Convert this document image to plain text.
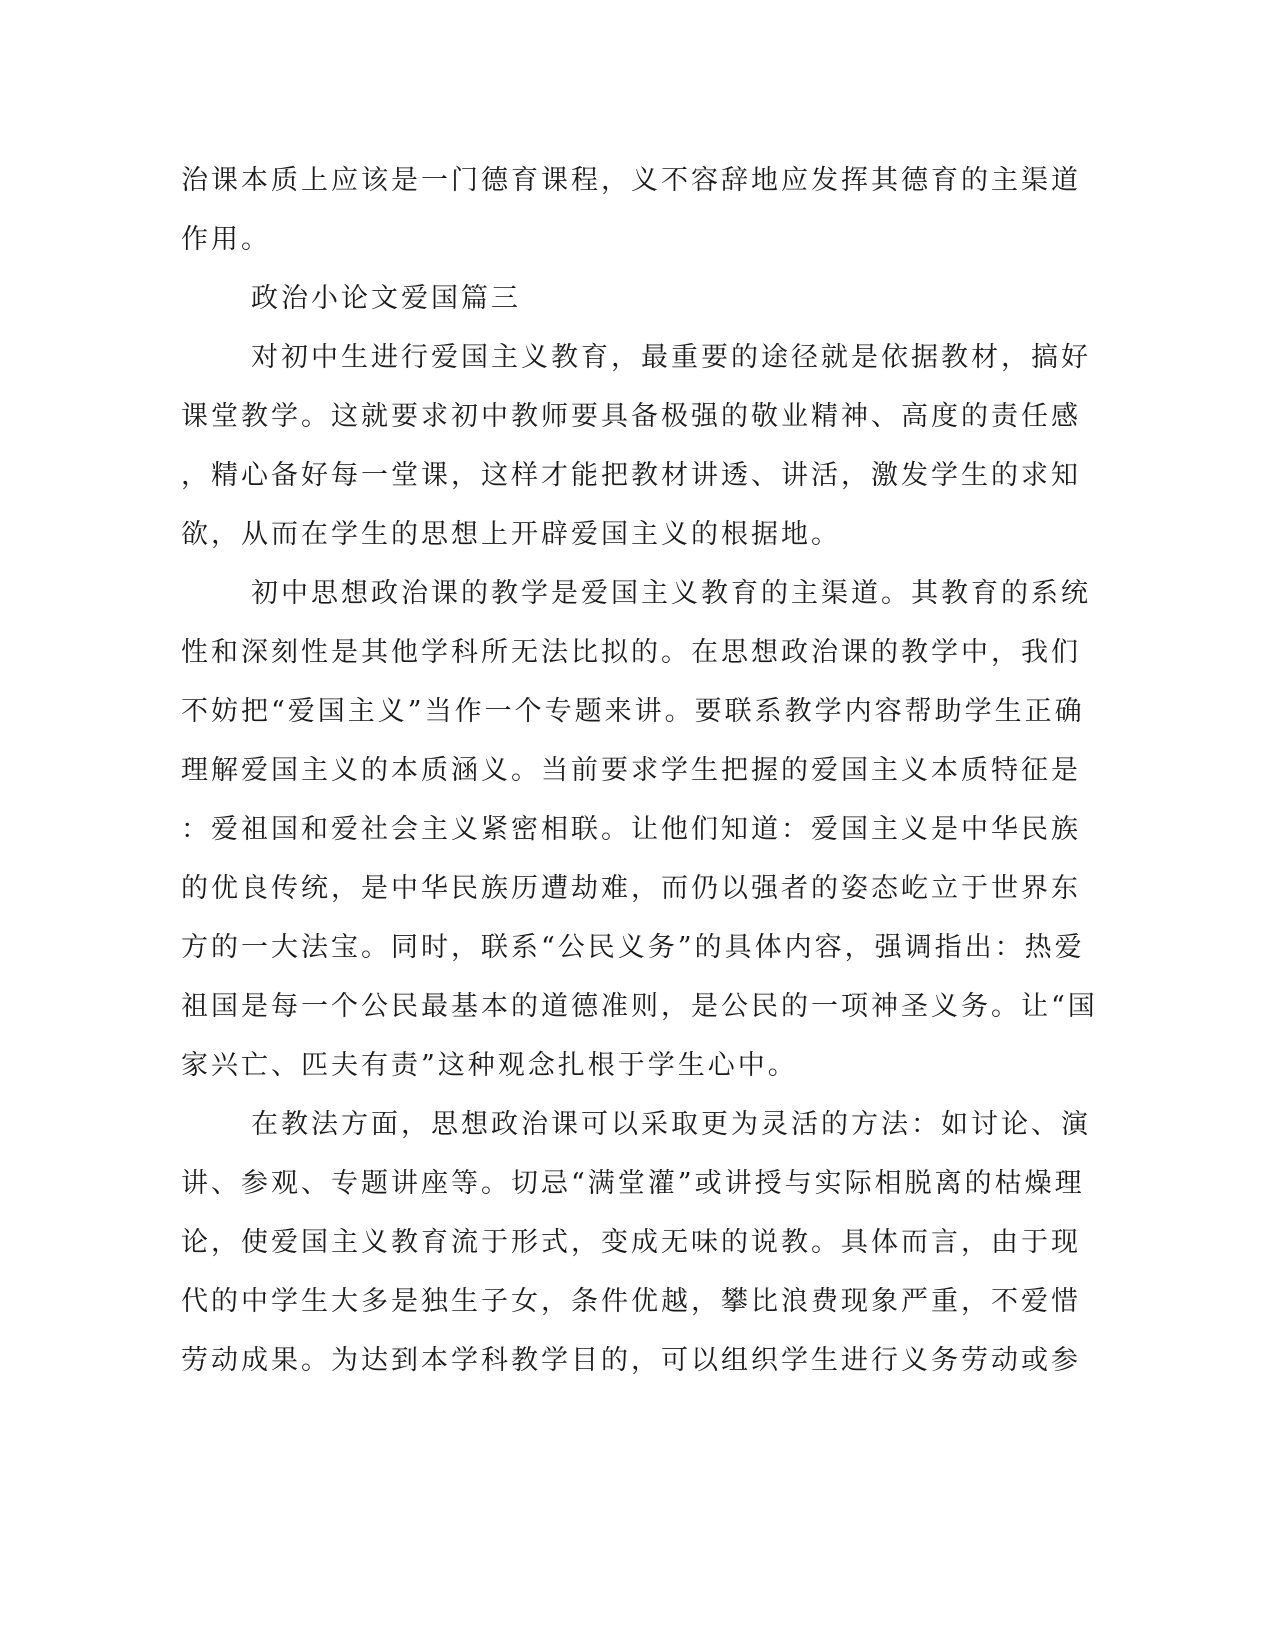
治课本质上应该是一门德育课程，义不容辞地应发挥其德育的主渠道
作用。
政治小论文爱国篇三
对初中生进行爱国主义教育，最重要的途径就是依据教材，搞好
课堂教学。这就要求初中教师要具备极强的敬业精神、高度的责任感
，精心备好每一堂课，这样才能把教材讲透、讲活，激发学生的求知
欲，从而在学生的思想上开辟爱国主义的根据地。
初中思想政治课的教学是爱国主义教育的主渠道。其教育的系统
性和深刻性是其他学科所无法比拟的。在思想政治课的教学中，我们
不妨把“爱国主义”当作一个专题来讲。要联系教学内容帮助学生正确
理解爱国主义的本质涵义。当前要求学生把握的爱国主义本质特征是
：爱祖国和爱社会主义紧密相联。让他们知道：爱国主义是中华民族
的优良传统，是中华民族历遭劫难，而仍以强者的姿态屹立于世界东
方的一大法宝。同时，联系“公民义务”的具体内容，强调指出：热爱
祖国是每一个公民最基本的道德准则，是公民的一项神圣义务。让“国
家兴亡、匹夫有责”这种观念扎根于学生心中。
在教法方面，思想政治课可以采取更为灵活的方法：如讨论、演
讲、参观、专题讲座等。切忌“满堂灌”或讲授与实际相脱离的枯燥理
论，使爱国主义教育流于形式，变成无味的说教。具体而言，由于现
代的中学生大多是独生子女，条件优越，攀比浪费现象严重，不爱惜
劳动成果。为达到本学科教学目的，可以组织学生进行义务劳动或参
